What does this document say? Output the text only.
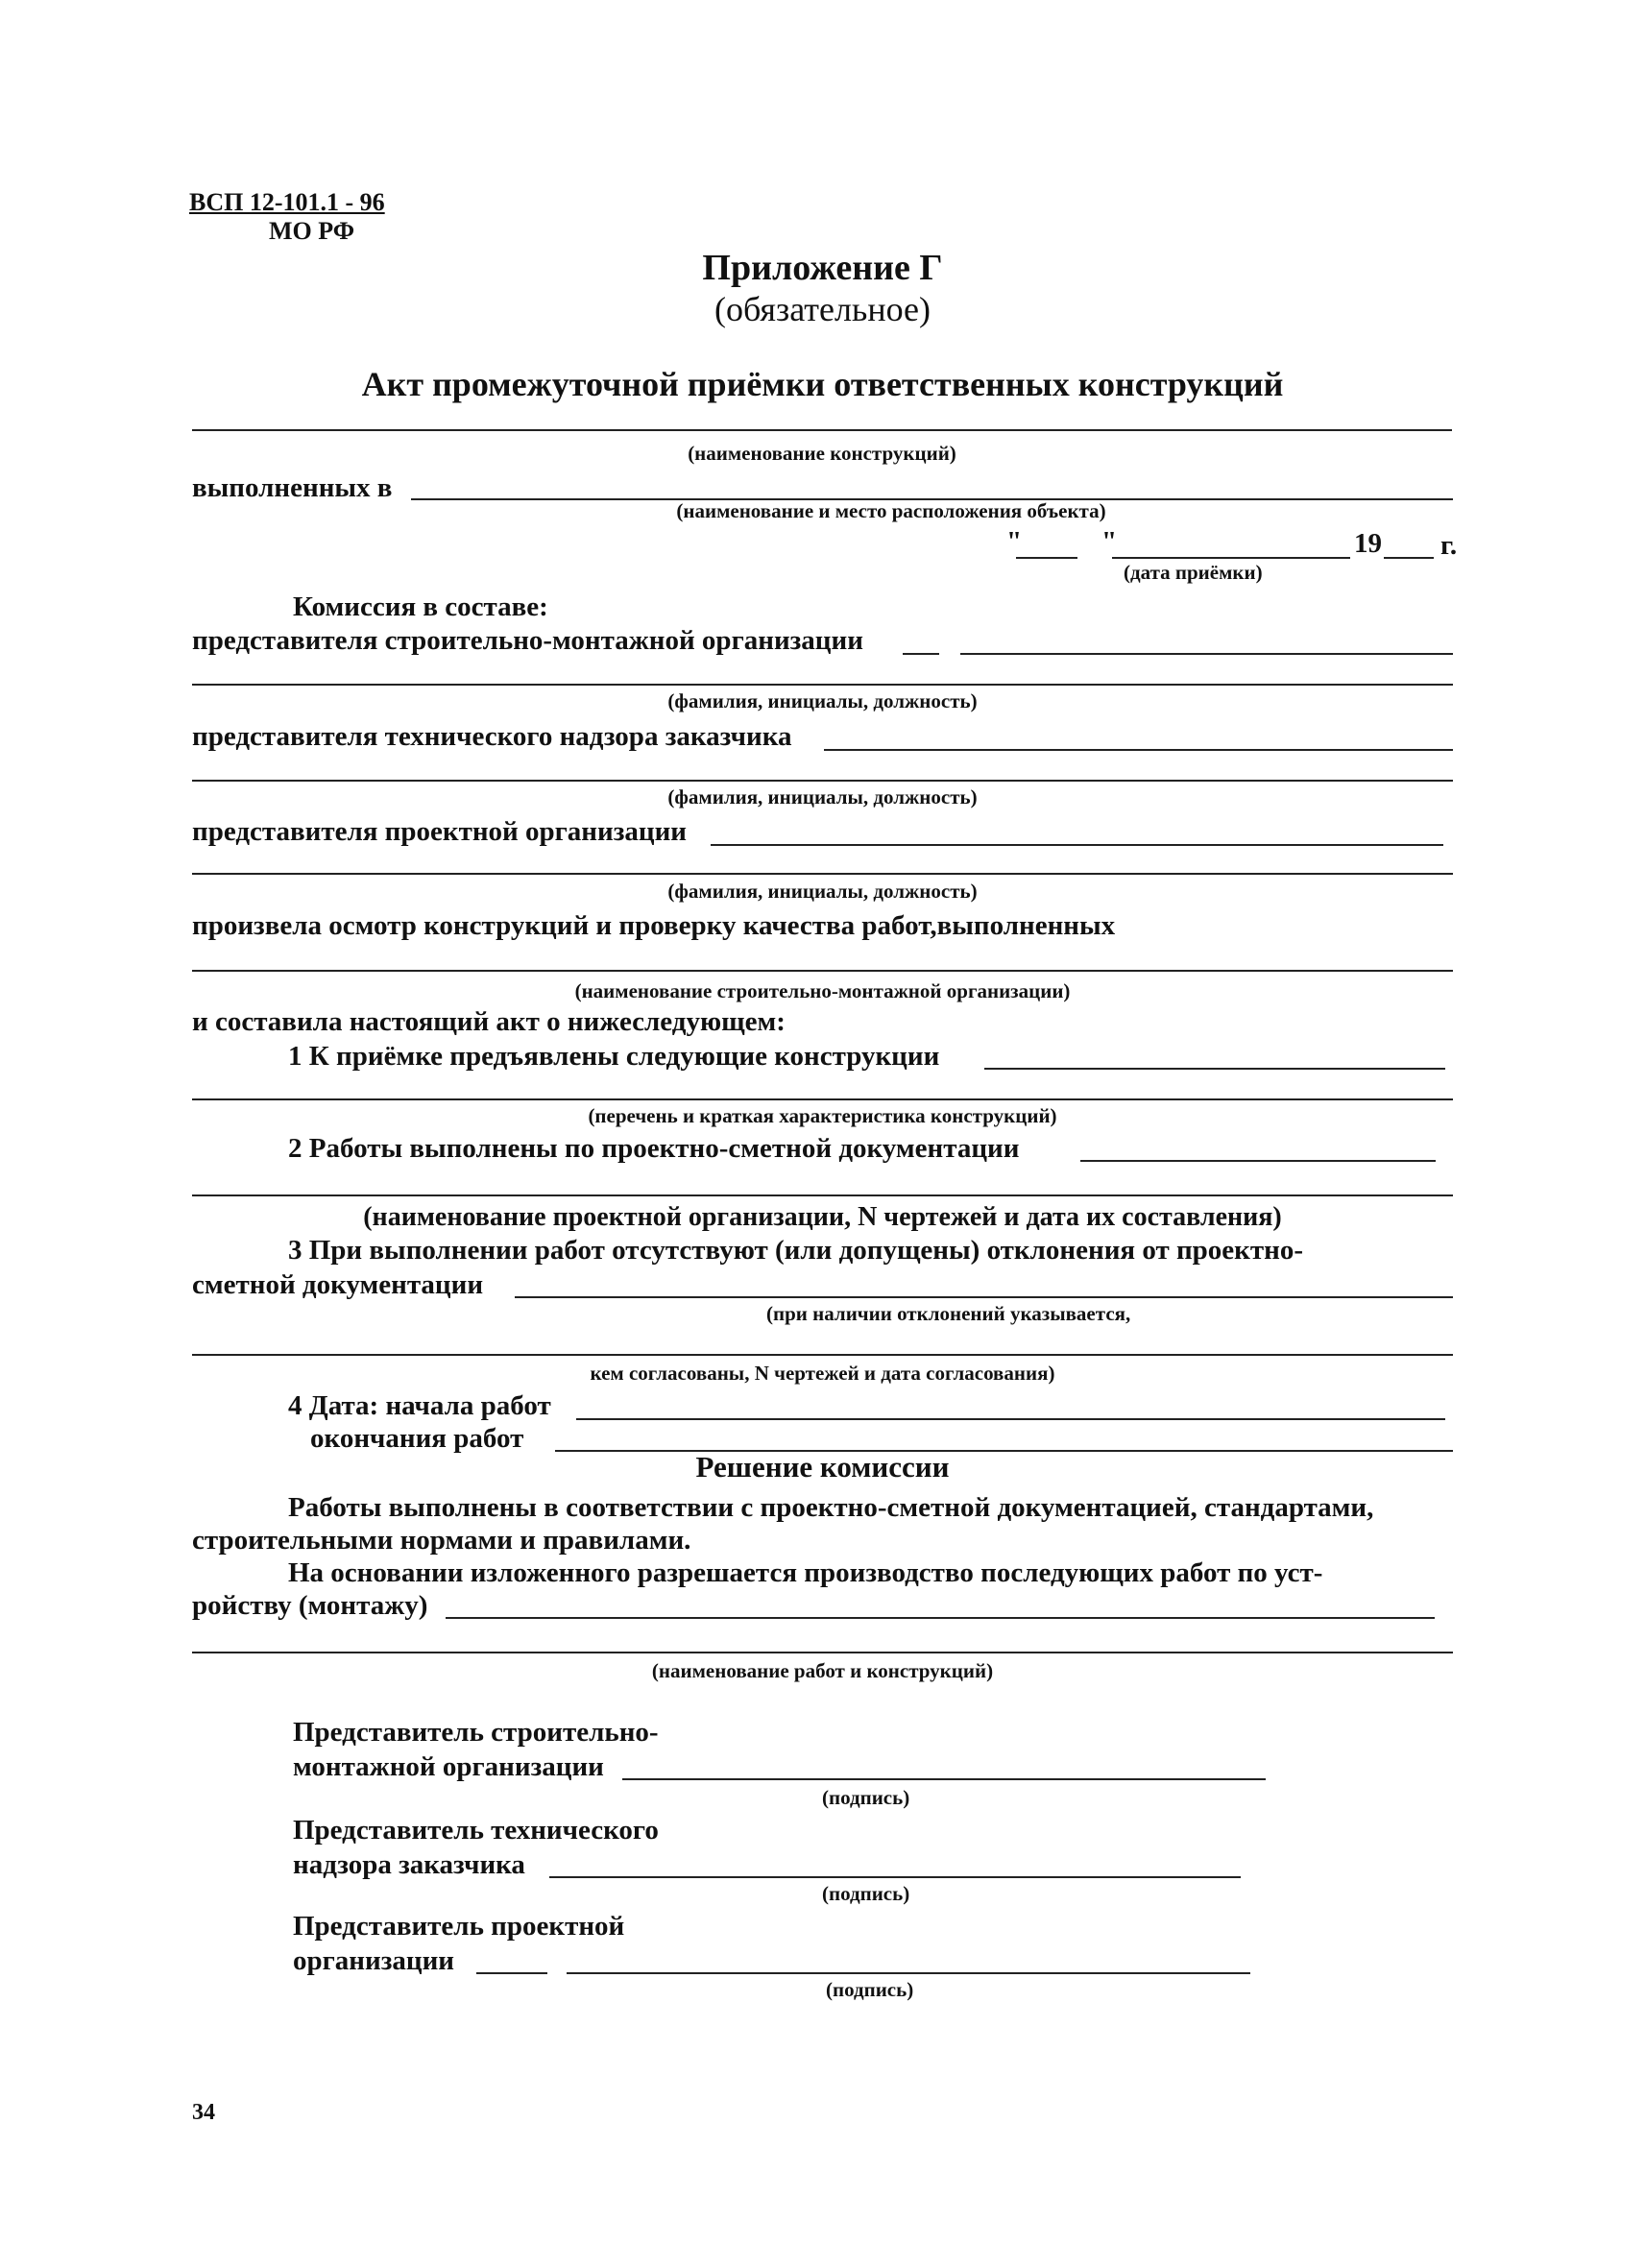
ВСП 12-101.1 - 96
МО РФ
Приложение Г
(обязательное)
Акт промежуточной приёмки ответственных конструкций
(наименование конструкций)
выполненных в
(наименование и место расположения объекта)
"	"	19 г.
(дата приёмки)
Комиссия в составе:
представителя строительно-монтажной организации
(фамилия, инициалы, должность)
представителя технического надзора заказчика
(фамилия, инициалы, должность)
представителя проектной организации
(фамилия, инициалы, должность)
произвела осмотр конструкций и проверку качества работ,выполненных
(наименование строительно-монтажной организации)
и составила настоящий акт о нижеследующем:
1 К приёмке предъявлены следующие конструкции
(перечень и краткая характеристика конструкций)
2 Работы выполнены по проектно-сметной документации
(наименование проектной организации, N чертежей и дата их составления)
3 При выполнении работ отсутствуют (или допущены) отклонения от проектно-
сметной документации
(при наличии отклонений указывается,
кем согласованы, N чертежей и дата согласования)
4 Дата: начала работ
окончания работ
Решение комиссии
Работы выполнены в соответствии с проектно-сметной документацией, стандартами,
строительными нормами и правилами.
На основании изложенного разрешается производство последующих работ по уст-
ройству (монтажу)
(наименование работ и конструкций)
Представитель строительно-
монтажной организации
(подпись)
Представитель технического
надзора заказчика
(подпись)
Представитель проектной
организации
(подпись)
34
